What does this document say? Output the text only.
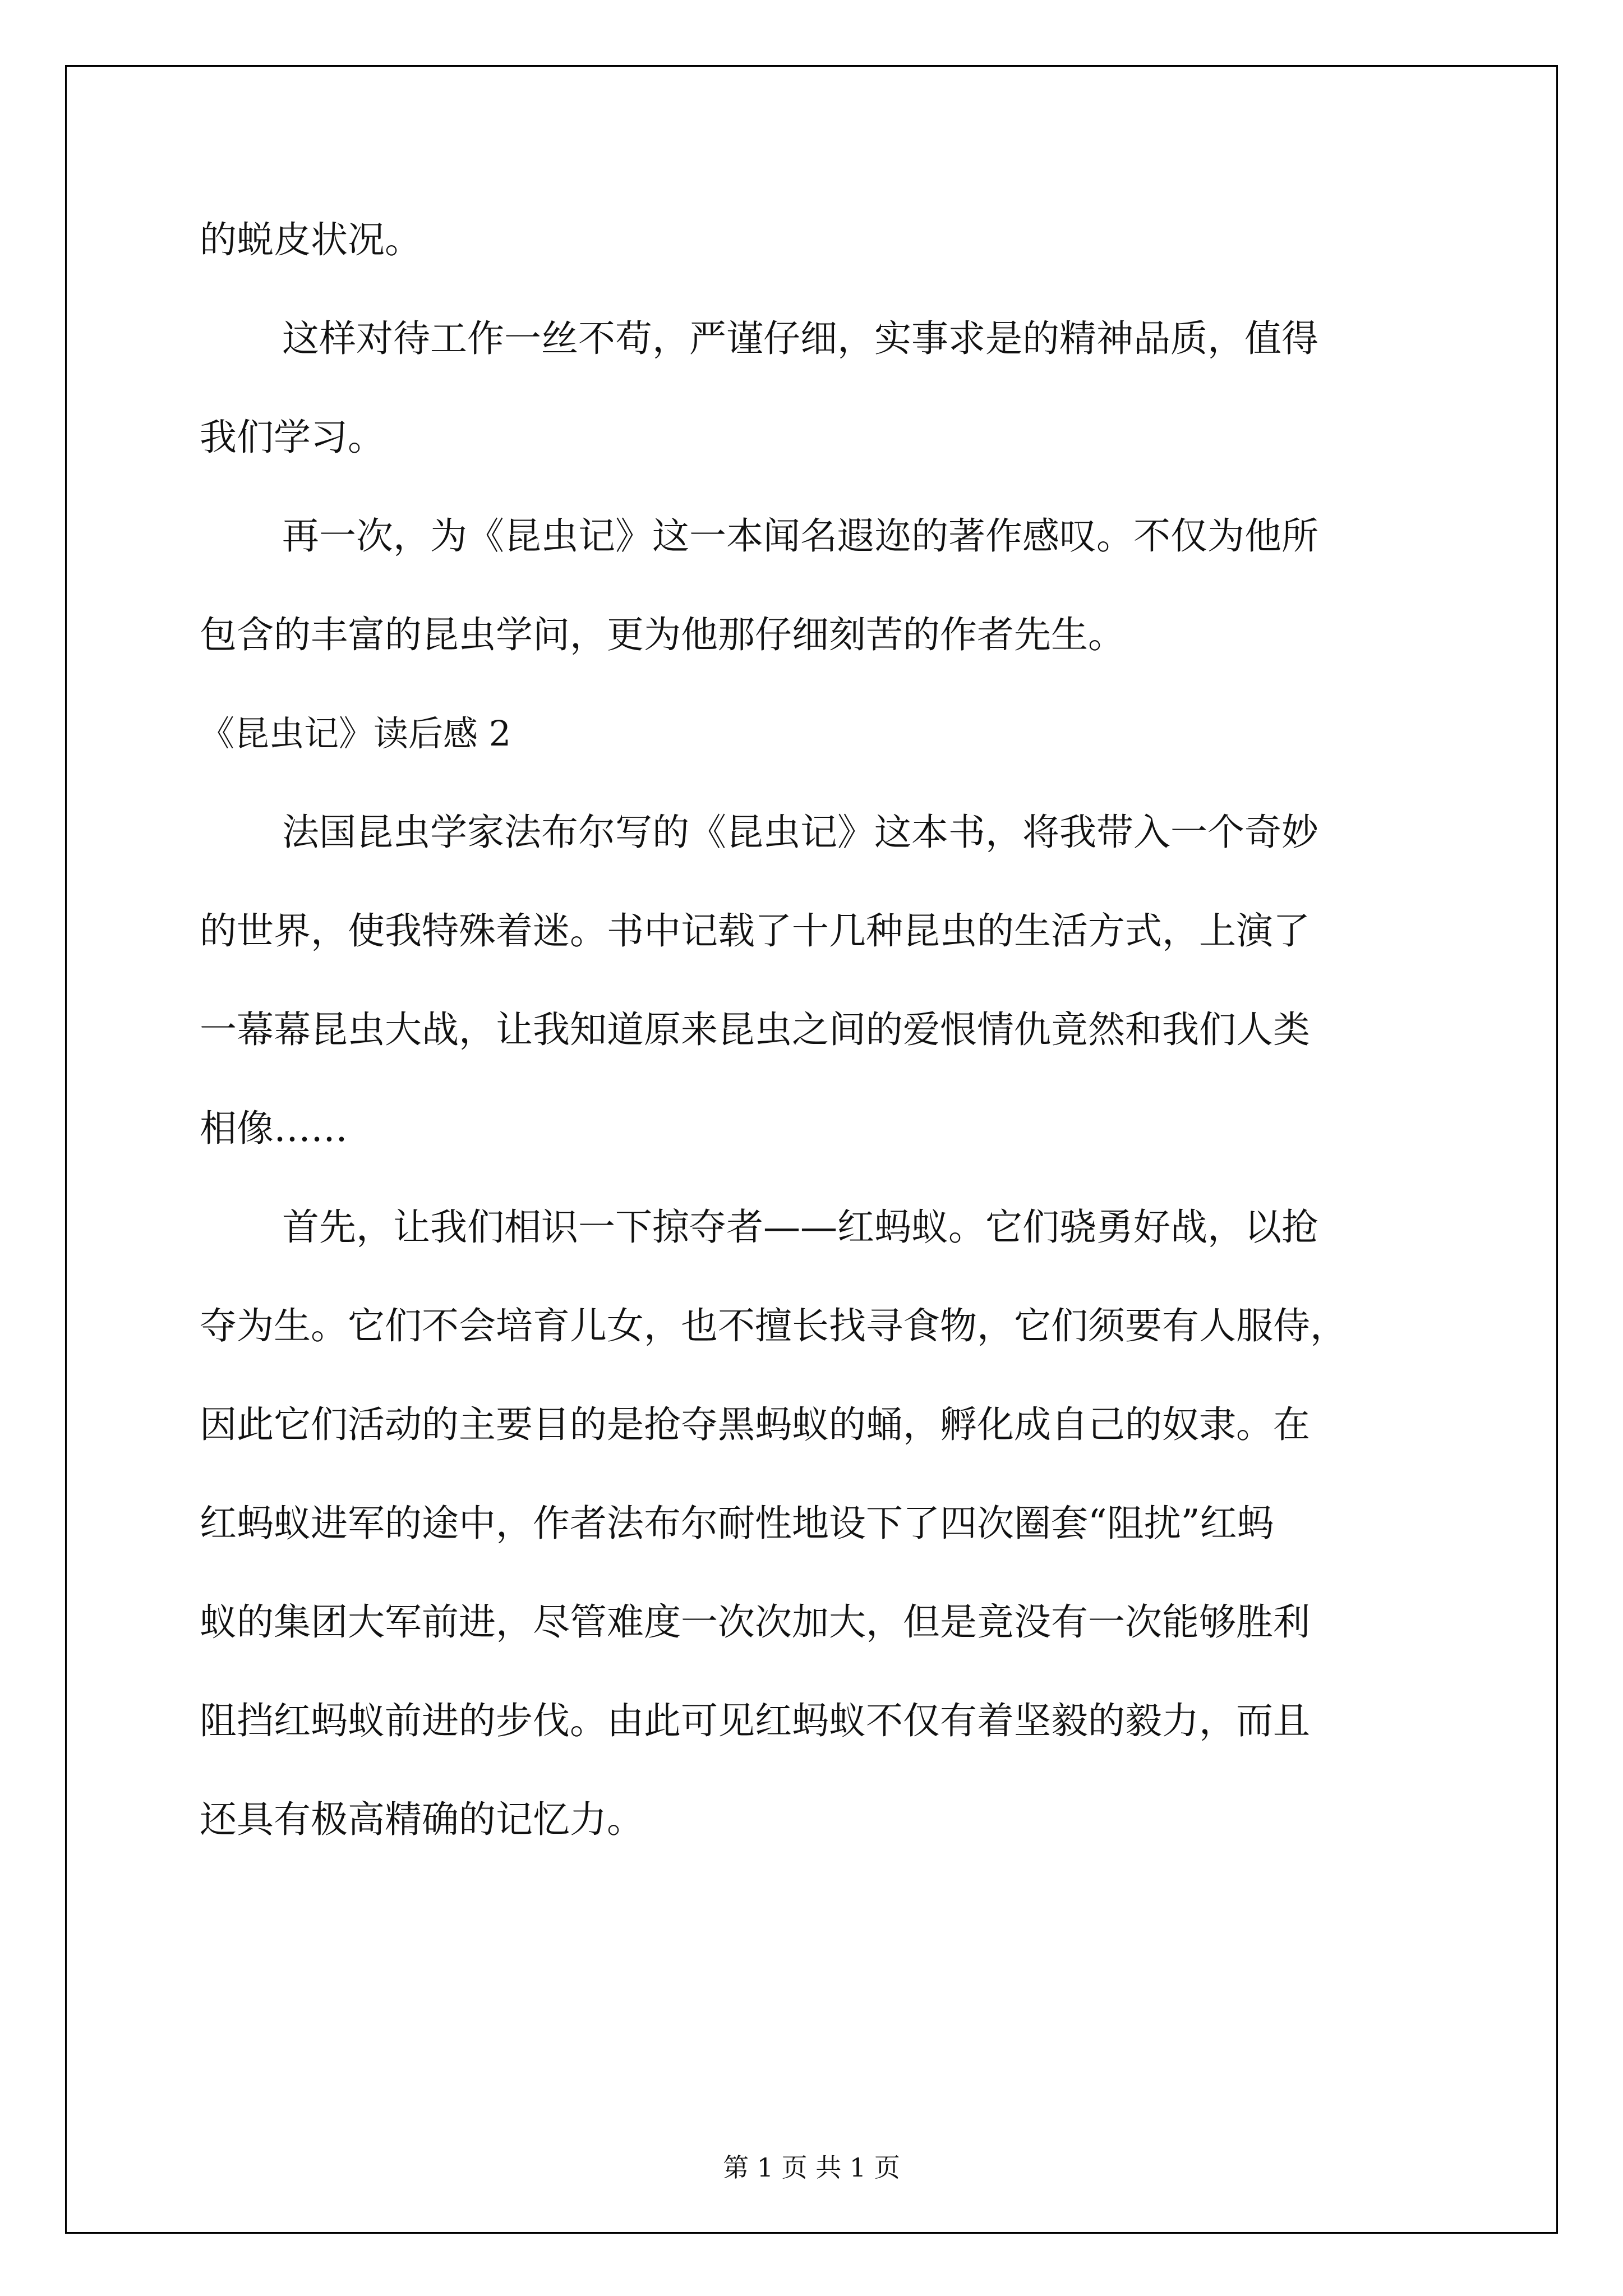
的蜕皮状况。
这样对待工作一丝不苟，严谨仔细，实事求是的精神品质，值得
我们学习。
再一次，为《昆虫记》这一本闻名遐迩的著作感叹。不仅为他所
包含的丰富的昆虫学问，更为他那仔细刻苦的作者先生。
《昆虫记》读后感 2
法国昆虫学家法布尔写的《昆虫记》这本书，将我带入一个奇妙
的世界，使我特殊着迷。书中记载了十几种昆虫的生活方式，上演了
一幕幕昆虫大战，让我知道原来昆虫之间的爱恨情仇竟然和我们人类
相像……
首先，让我们相识一下掠夺者——红蚂蚁。它们骁勇好战，以抢
夺为生。它们不会培育儿女，也不擅长找寻食物，它们须要有人服侍，
因此它们活动的主要目的是抢夺黑蚂蚁的蛹，孵化成自己的奴隶。在
红蚂蚁进军的途中，作者法布尔耐性地设下了四次圈套“阻扰”红蚂
蚁的集团大军前进，尽管难度一次次加大，但是竟没有一次能够胜利
阻挡红蚂蚁前进的步伐。由此可见红蚂蚁不仅有着坚毅的毅力，而且
还具有极高精确的记忆力。
第 1 页 共 1 页
